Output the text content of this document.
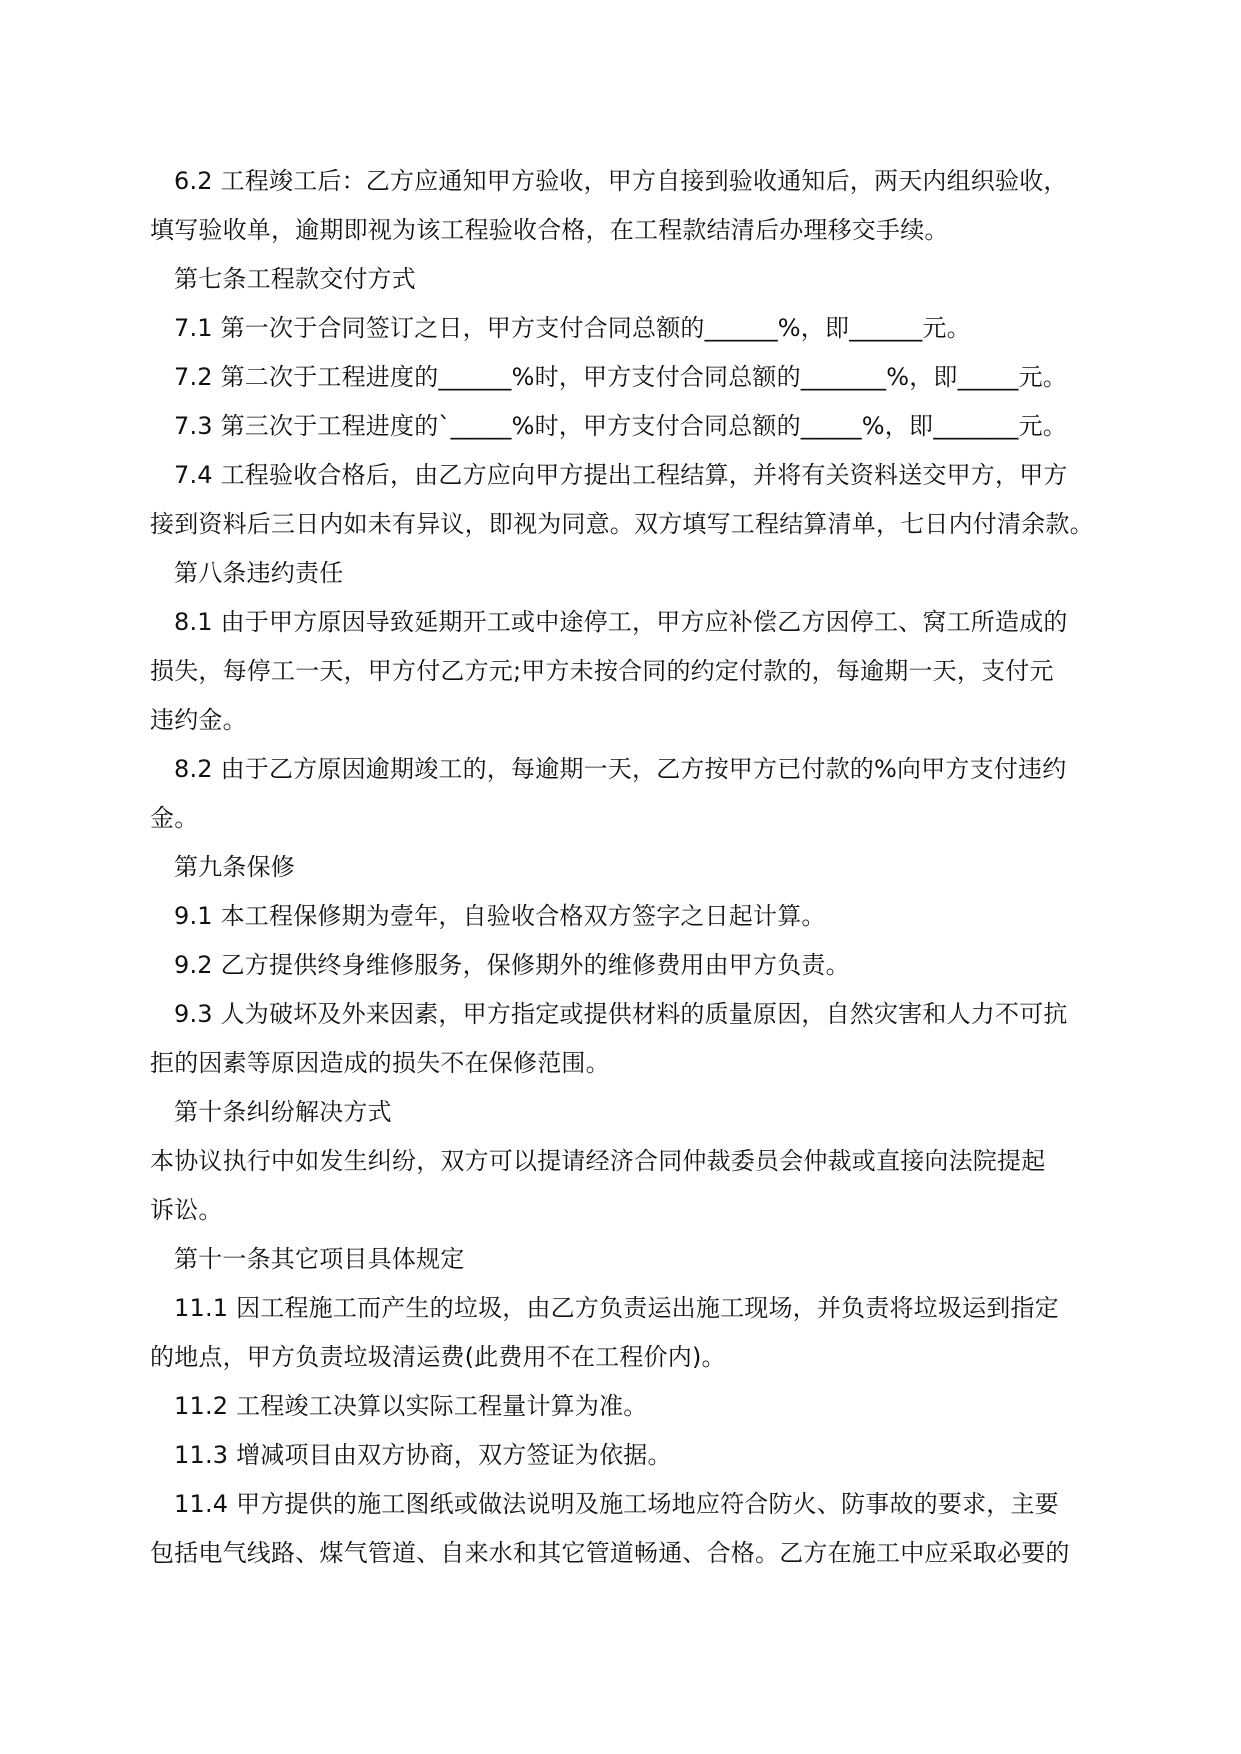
6.2 工程竣工后：乙方应通知甲方验收，甲方自接到验收通知后，两天内组织验收，
填写验收单，逾期即视为该工程验收合格，在工程款结清后办理移交手续。
第七条工程款交付方式
7.1 第一次于合同签订之日，甲方支付合同总额的______%，即______元。
7.2 第二次于工程进度的______%时，甲方支付合同总额的_______%，即_____元。
7.3 第三次于工程进度的`_____%时，甲方支付合同总额的_____%，即_______元。
7.4 工程验收合格后，由乙方应向甲方提出工程结算，并将有关资料送交甲方，甲方
接到资料后三日内如未有异议，即视为同意。双方填写工程结算清单，七日内付清余款。
第八条违约责任
8.1 由于甲方原因导致延期开工或中途停工，甲方应补偿乙方因停工、窝工所造成的
损失，每停工一天，甲方付乙方元;甲方未按合同的约定付款的，每逾期一天，支付元
违约金。
8.2 由于乙方原因逾期竣工的，每逾期一天，乙方按甲方已付款的%向甲方支付违约
金。
第九条保修
9.1 本工程保修期为壹年，自验收合格双方签字之日起计算。
9.2 乙方提供终身维修服务，保修期外的维修费用由甲方负责。
9.3 人为破坏及外来因素，甲方指定或提供材料的质量原因，自然灾害和人力不可抗
拒的因素等原因造成的损失不在保修范围。
第十条纠纷解决方式
本协议执行中如发生纠纷，双方可以提请经济合同仲裁委员会仲裁或直接向法院提起
诉讼。
第十一条其它项目具体规定
11.1 因工程施工而产生的垃圾，由乙方负责运出施工现场，并负责将垃圾运到指定
的地点，甲方负责垃圾清运费(此费用不在工程价内)。
11.2 工程竣工决算以实际工程量计算为准。
11.3 增减项目由双方协商，双方签证为依据。
11.4 甲方提供的施工图纸或做法说明及施工场地应符合防火、防事故的要求，主要
包括电气线路、煤气管道、自来水和其它管道畅通、合格。乙方在施工中应采取必要的
